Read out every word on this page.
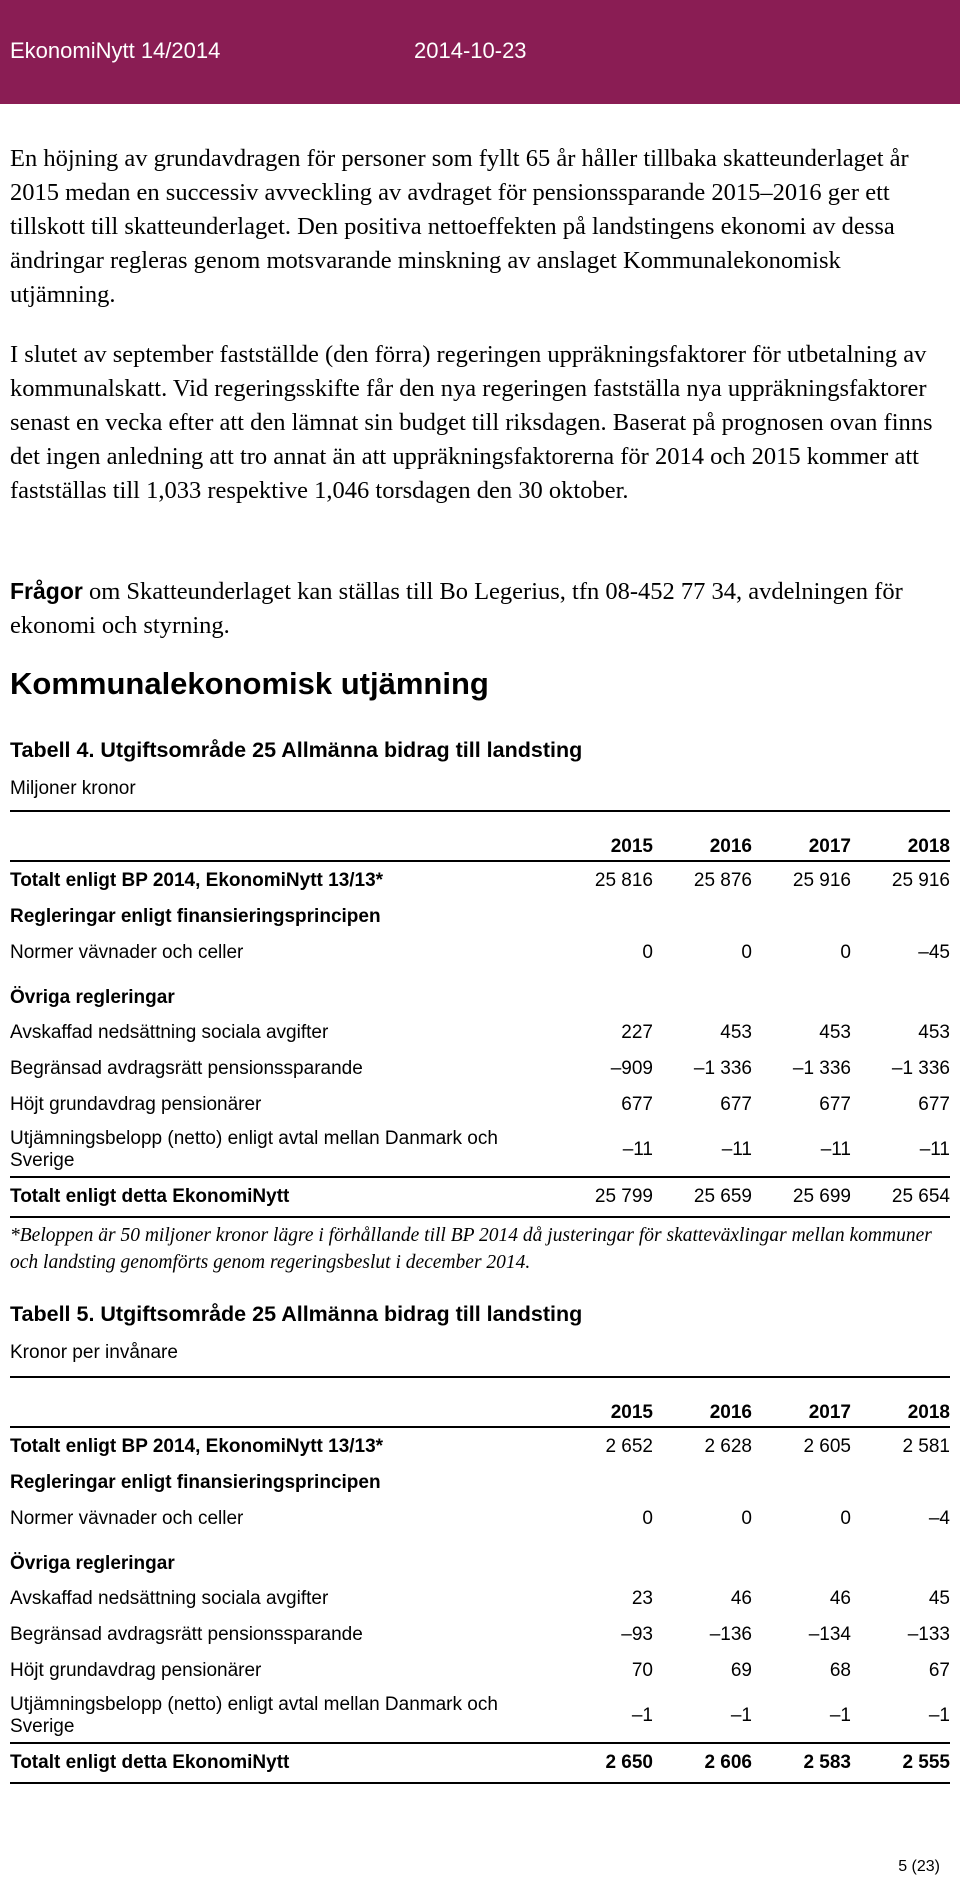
EkonomiNytt 14/2014	2014-10-23

En höjning av grundavdragen för personer som fyllt 65 år håller tillbaka skatteunderlaget år 2015 medan en successiv avveckling av avdraget för pensionssparande 2015–2016 ger ett tillskott till skatteunderlaget. Den positiva nettoeffekten på landstingens ekonomi av dessa ändringar regleras genom motsvarande minskning av anslaget Kommunalekonomisk utjämning.

I slutet av september fastställde (den förra) regeringen uppräkningsfaktorer för utbetalning av kommunalskatt. Vid regeringsskifte får den nya regeringen fastställa nya uppräkningsfaktorer senast en vecka efter att den lämnat sin budget till riksdagen. Baserat på prognosen ovan finns det ingen anledning att tro annat än att uppräkningsfaktorerna för 2014 och 2015 kommer att fastställas till 1,033 respektive 1,046 torsdagen den 30 oktober.

Frågor om Skatteunderlaget kan ställas till Bo Legerius, tfn 08-452 77 34, avdelningen för ekonomi och styrning.

Kommunalekonomisk utjämning

Tabell 4. Utgiftsområde 25 Allmänna bidrag till landsting

Miljoner kronor

	2015	2016	2017	2018
Totalt enligt BP 2014, EkonomiNytt 13/13*	25 816	25 876	25 916	25 916
Regleringar enligt finansieringsprincipen				
Normer vävnader och celler	0	0	0	–45
Övriga regleringar				
Avskaffad nedsättning sociala avgifter	227	453	453	453
Begränsad avdragsrätt pensionssparande	–909	–1 336	–1 336	–1 336
Höjt grundavdrag pensionärer	677	677	677	677
Utjämningsbelopp (netto) enligt avtal mellan Danmark och Sverige	–11	–11	–11	–11
Totalt enligt detta EkonomiNytt	25 799	25 659	25 699	25 654

*Beloppen är 50 miljoner kronor lägre i förhållande till BP 2014 då justeringar för skatteväxlingar mellan kommuner och landsting genomförts genom regeringsbeslut i december 2014.

Tabell 5. Utgiftsområde 25 Allmänna bidrag till landsting

Kronor per invånare

	2015	2016	2017	2018
Totalt enligt BP 2014, EkonomiNytt 13/13*	2 652	2 628	2 605	2 581
Regleringar enligt finansieringsprincipen				
Normer vävnader och celler	0	0	0	–4
Övriga regleringar				
Avskaffad nedsättning sociala avgifter	23	46	46	45
Begränsad avdragsrätt pensionssparande	–93	–136	–134	–133
Höjt grundavdrag pensionärer	70	69	68	67
Utjämningsbelopp (netto) enligt avtal mellan Danmark och Sverige	–1	–1	–1	–1
Totalt enligt detta EkonomiNytt	2 650	2 606	2 583	2 555
5 (23)
